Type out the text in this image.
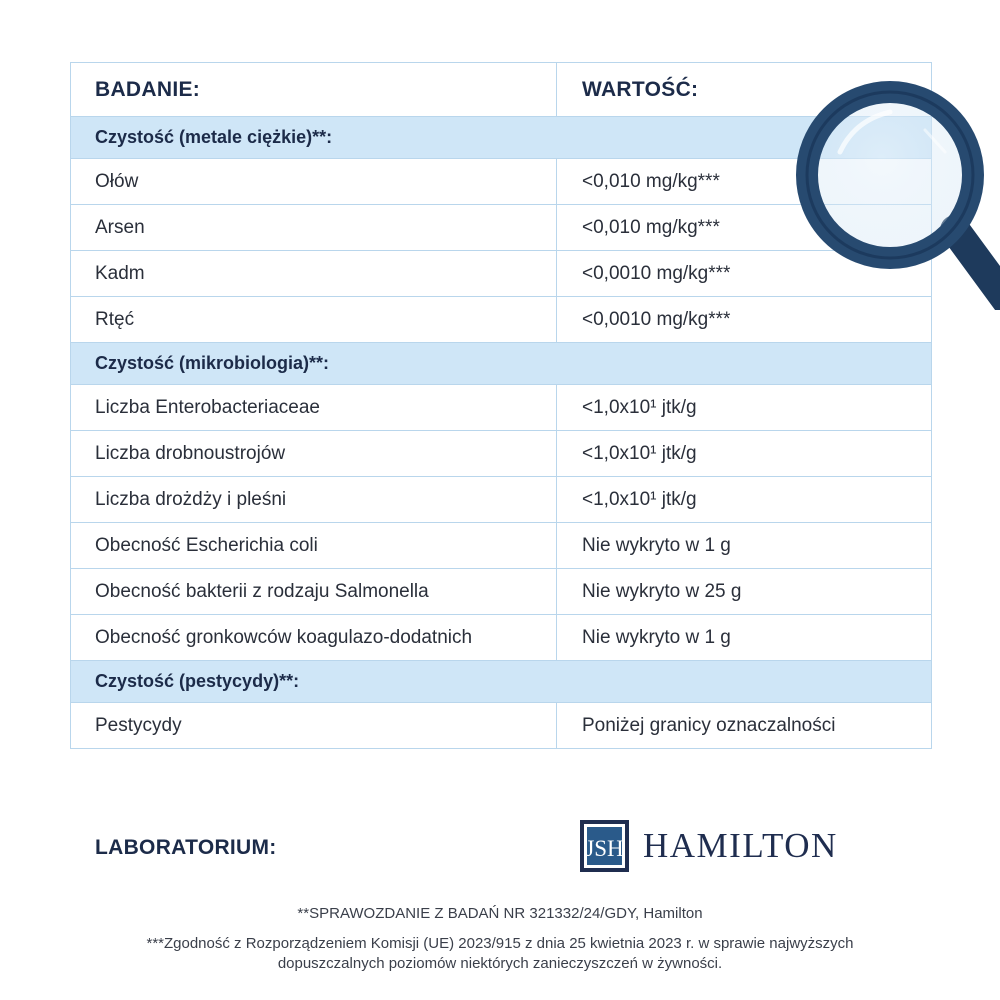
BADANIE:	WARTOŚĆ:
Czystość (metale ciężkie)**:
Ołów	<0,010 mg/kg***
Arsen	<0,010 mg/kg***
Kadm	<0,0010 mg/kg***
Rtęć	<0,0010 mg/kg***
Czystość (mikrobiologia)**:
Liczba Enterobacteriaceae	<1,0x10¹ jtk/g
Liczba drobnoustrojów	<1,0x10¹ jtk/g
Liczba drożdży i pleśni	<1,0x10¹ jtk/g
Obecność Escherichia coli	Nie wykryto w 1 g
Obecność bakterii z rodzaju Salmonella	Nie wykryto w 25 g
Obecność gronkowców koagulazo-dodatnich	Nie wykryto w 1 g
Czystość (pestycydy)**:
Pestycydy	Poniżej granicy oznaczalności
LABORATORIUM:	JSH HAMILTON
**SPRAWOZDANIE Z BADAŃ NR 321332/24/GDY, Hamilton
***Zgodność z Rozporządzeniem Komisji (UE) 2023/915 z dnia 25 kwietnia 2023 r. w sprawie najwyższych dopuszczalnych poziomów niektórych zanieczyszczeń w żywności.
